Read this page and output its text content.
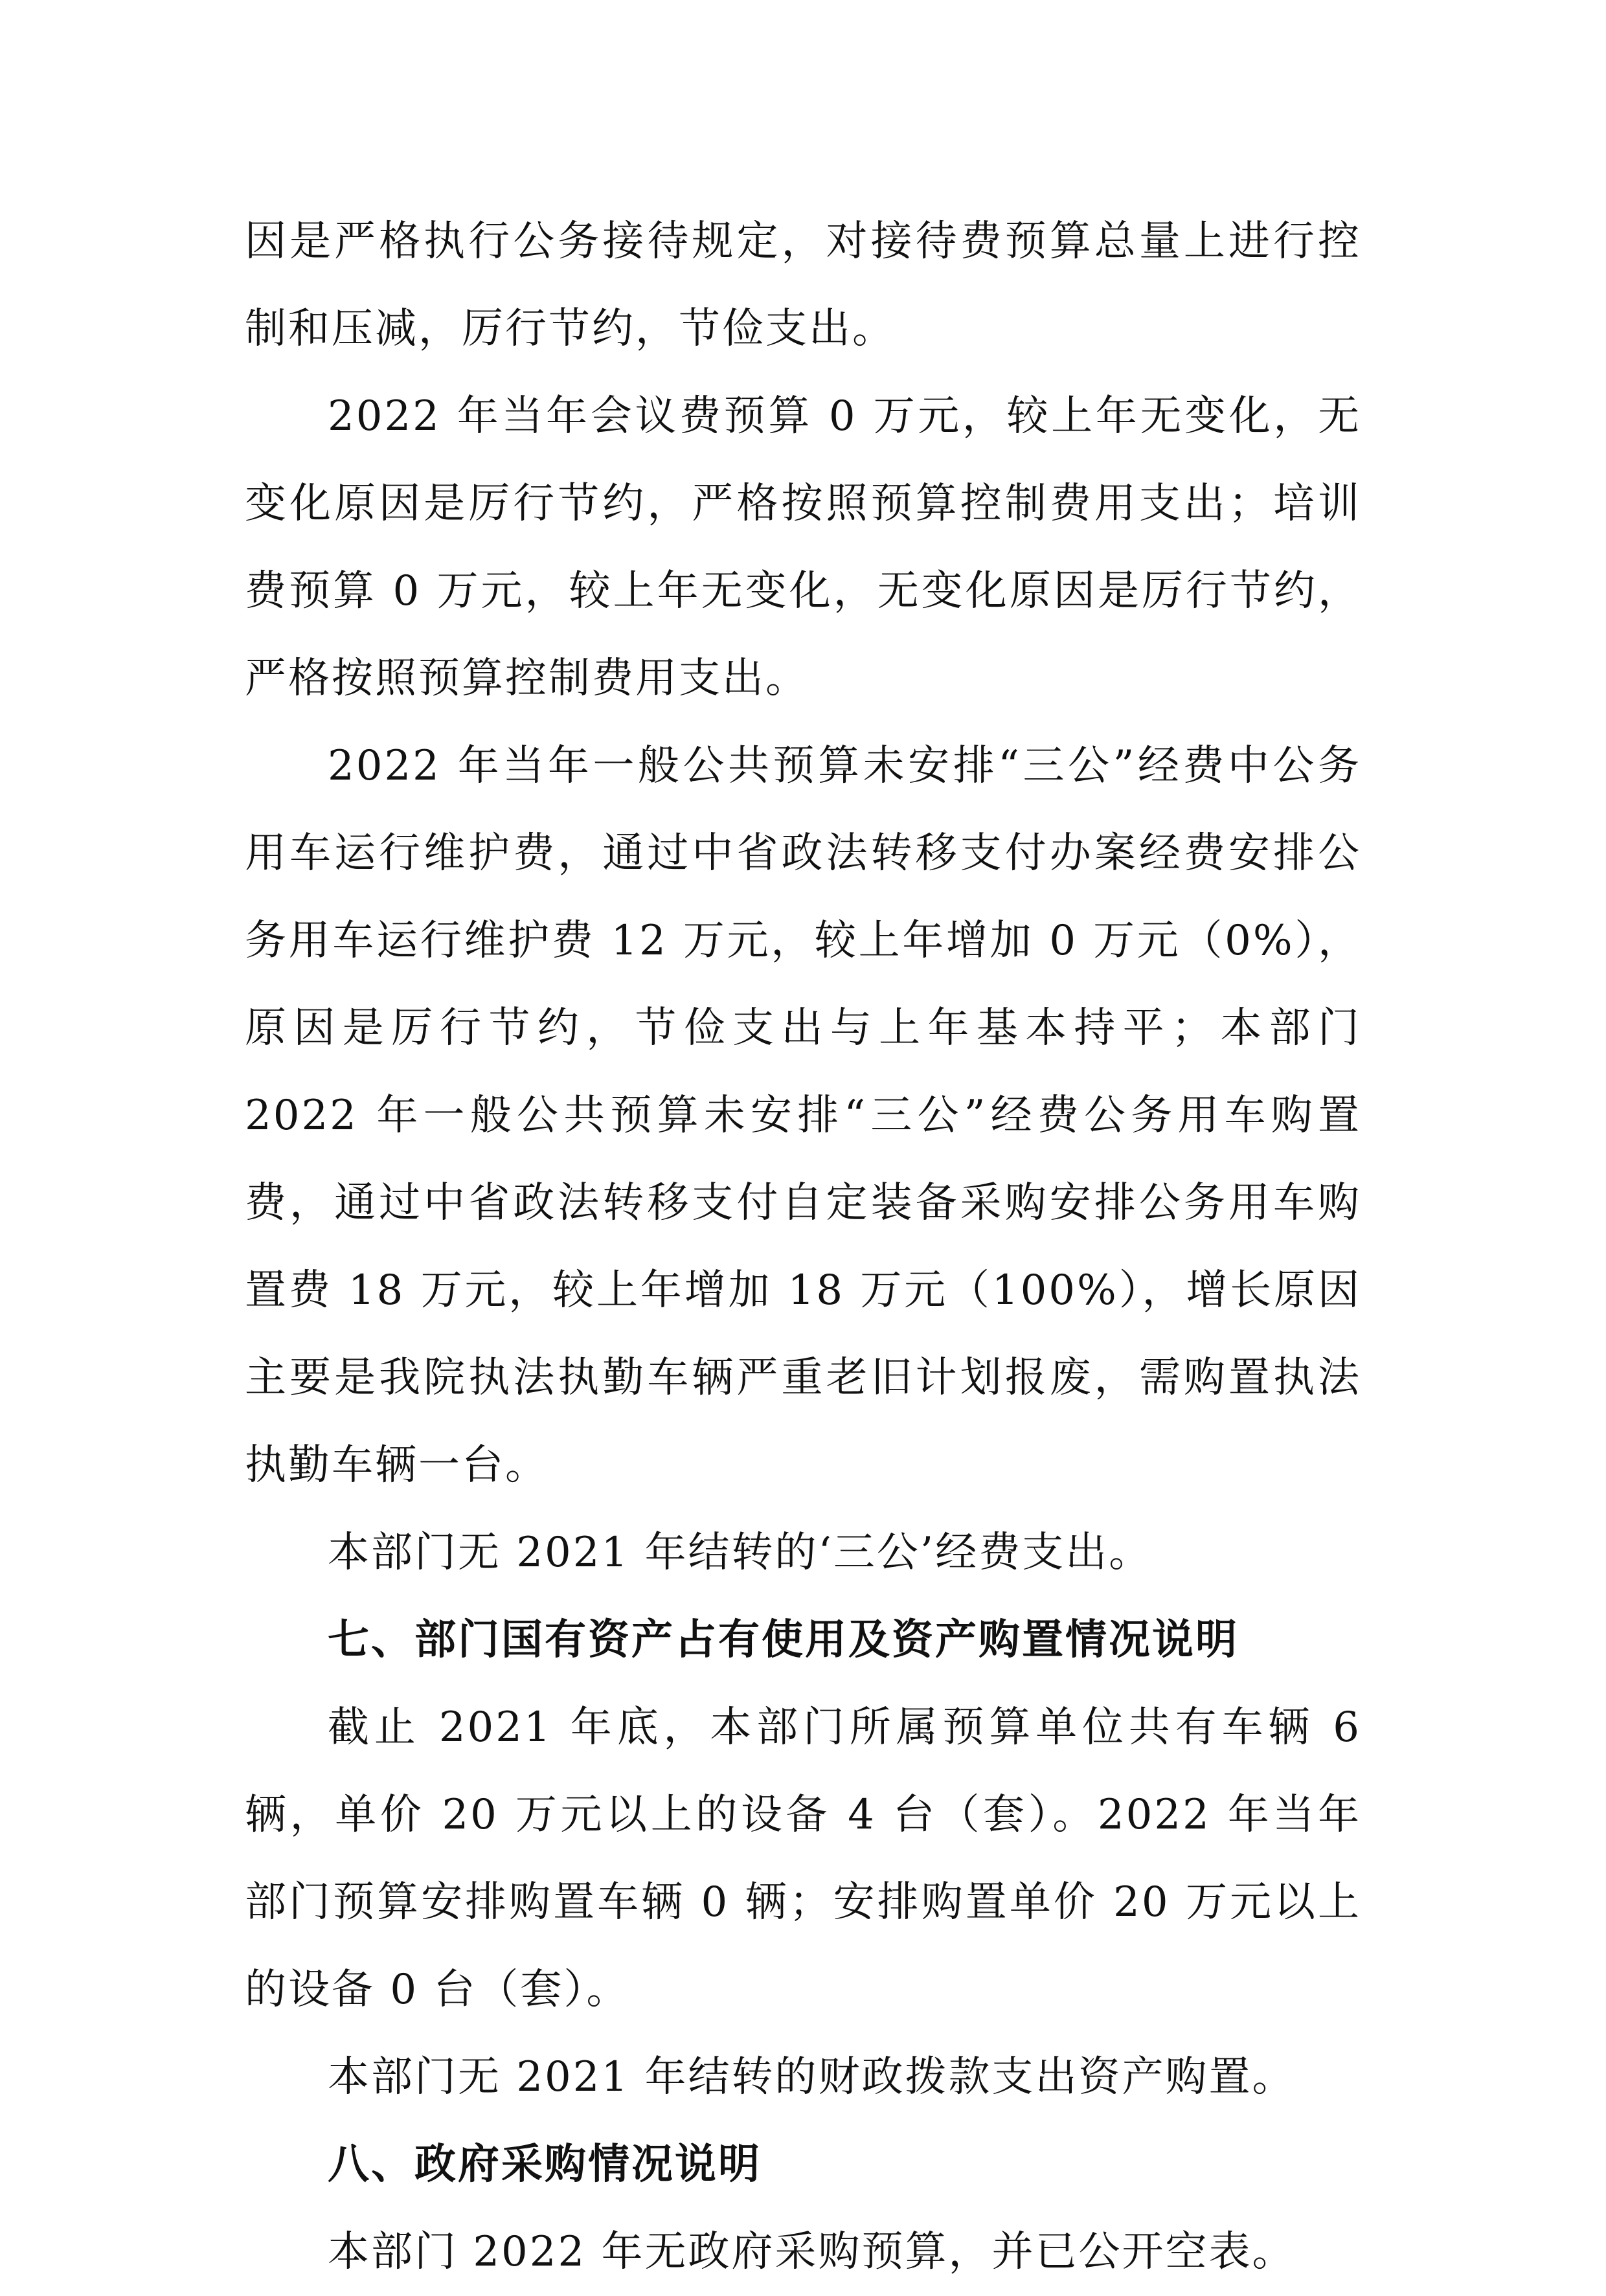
因是严格执行公务接待规定，对接待费预算总量上进行控制和压减，厉行节约，节俭支出。

2022 年当年会议费预算 0 万元，较上年无变化，无变化原因是厉行节约，严格按照预算控制费用支出；培训费预算 0 万元，较上年无变化，无变化原因是厉行节约，严格按照预算控制费用支出。

2022 年当年一般公共预算未安排“三公”经费中公务用车运行维护费，通过中省政法转移支付办案经费安排公务用车运行维护费 12 万元，较上年增加 0 万元（0%），原因是厉行节约，节俭支出与上年基本持平；本部门 2022 年一般公共预算未安排“三公”经费公务用车购置费，通过中省政法转移支付自定装备采购安排公务用车购置费 18 万元，较上年增加 18 万元（100%），增长原因主要是我院执法执勤车辆严重老旧计划报废，需购置执法执勤车辆一台。

本部门无 2021 年结转的‘三公’经费支出。

七、部门国有资产占有使用及资产购置情况说明

截止 2021 年底，本部门所属预算单位共有车辆 6 辆，单价 20 万元以上的设备 4 台（套）。2022 年当年部门预算安排购置车辆 0 辆；安排购置单价 20 万元以上的设备 0 台（套）。

本部门无 2021 年结转的财政拨款支出资产购置。

八、政府采购情况说明

本部门 2022 年无政府采购预算，并已公开空表。
